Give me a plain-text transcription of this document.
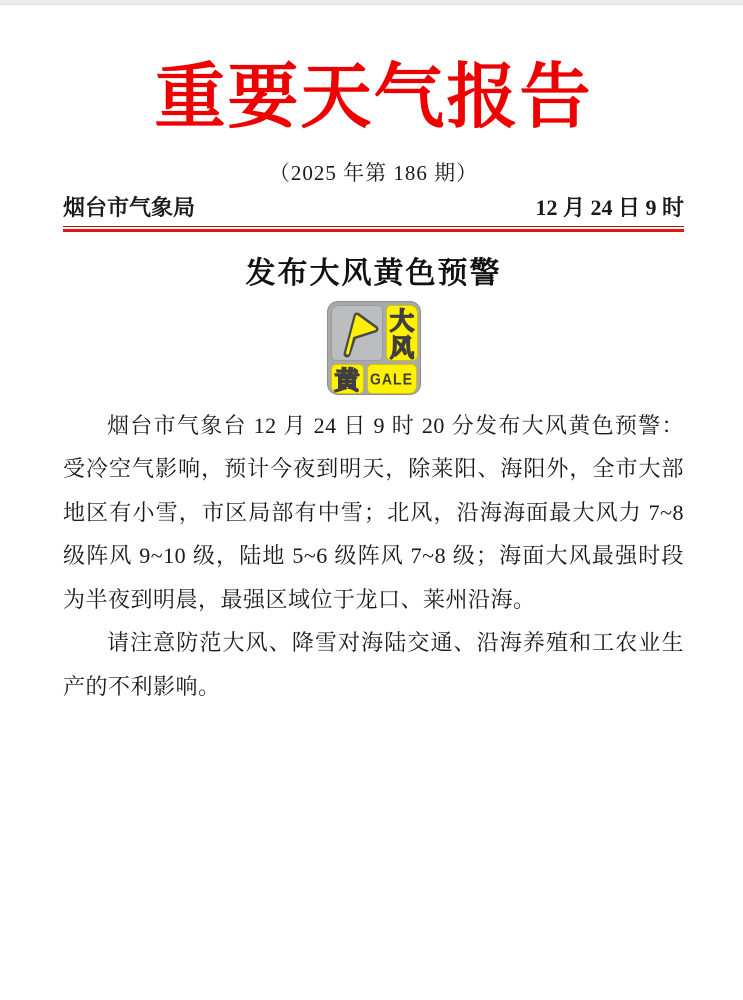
重要天气报告
（2025 年第 186 期）
烟台市气象局	12 月 24 日 9 时
发布大风黄色预警
大
风
黄 GALE

烟台市气象台 12 月 24 日 9 时 20 分发布大风黄色预警：受冷空气影响，预计今夜到明天，除莱阳、海阳外，全市大部地区有小雪，市区局部有中雪；北风，沿海海面最大风力 7~8 级阵风 9~10 级，陆地 5~6 级阵风 7~8 级；海面大风最强时段为半夜到明晨，最强区域位于龙口、莱州沿海。

请注意防范大风、降雪对海陆交通、沿海养殖和工农业生产的不利影响。
